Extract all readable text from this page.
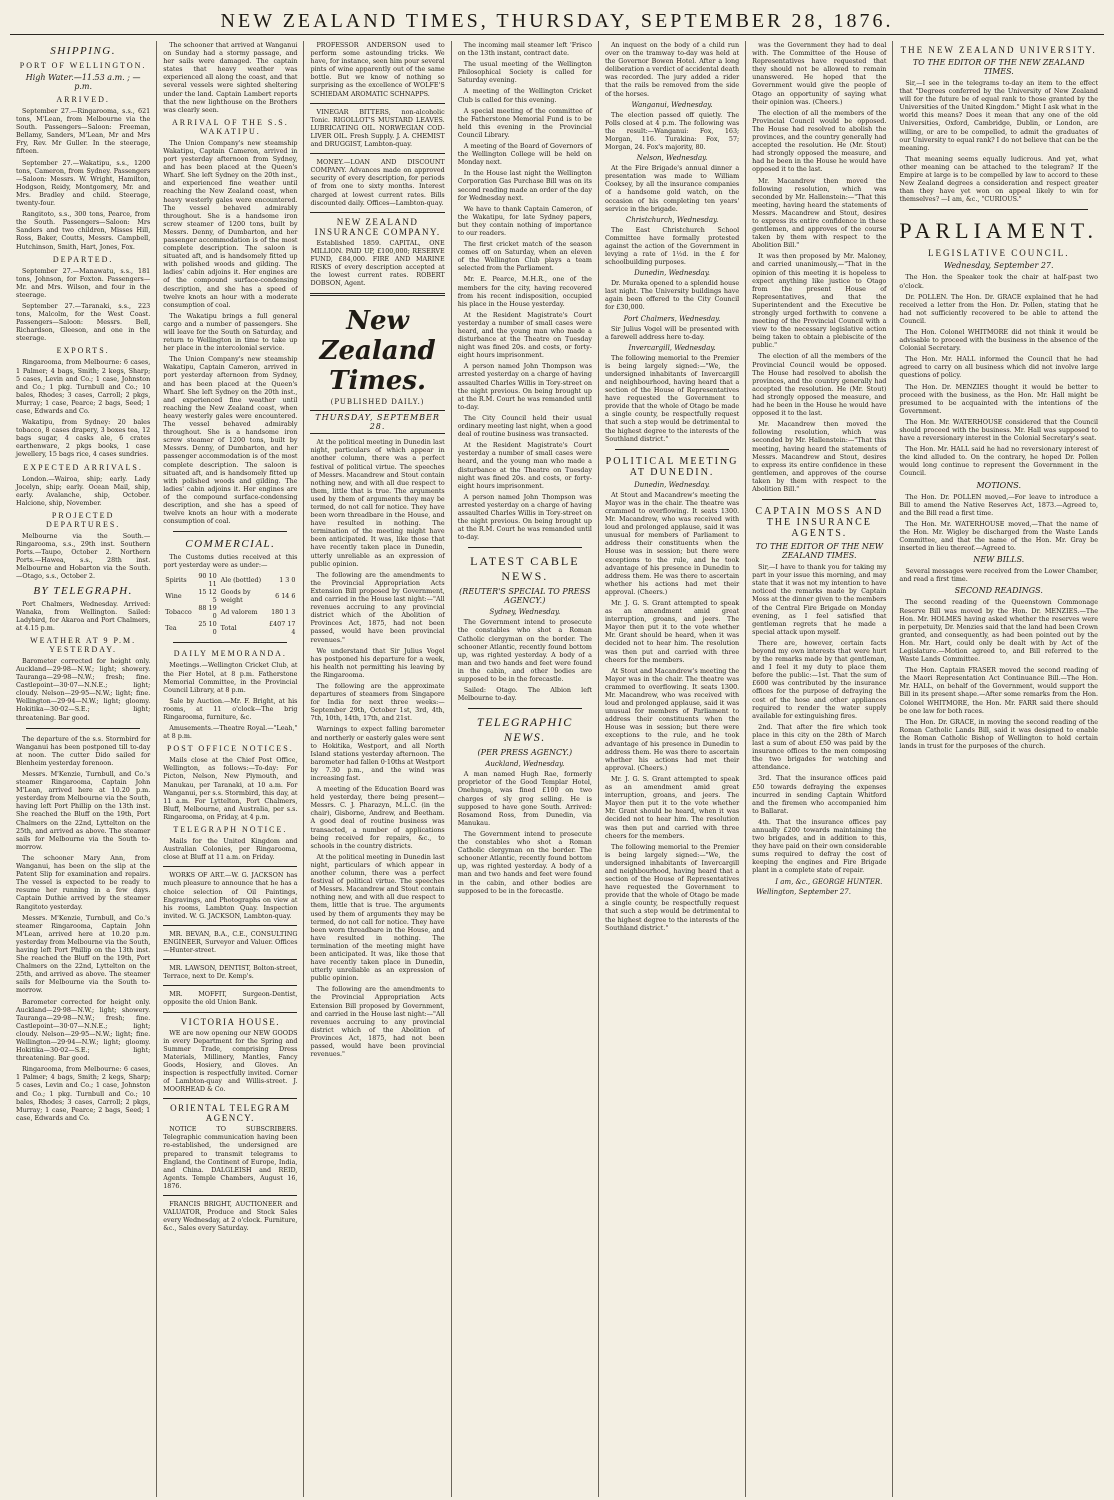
NEW ZEALAND TIMES, THURSDAY, SEPTEMBER 28, 1876.
SHIPPING.
PORT OF WELLINGTON.
High Water.—11.53 a.m. ; — p.m.
ARRIVED.

September 27.—Ringarooma, s.s., 621 tons, M'Lean, from Melbourne via the South. Passengers—Saloon: Freeman, Bellamy, Sanders, M'Lean, Mr and Mrs Fry, Rev. Mr Guller. In the steerage, fifteen.

September 27.—Wakatipu, s.s., 1200 tons, Cameron, from Sydney. Passengers—Saloon: Messrs. W. Wright, Hamilton, Hodgson, Reidy, Montgomery, Mr. and Mrs. Bradley and child. Steerage, twenty-four.

Rangitoto, s.s., 300 tons, Pearce, from the South. Passengers—Saloon: Mrs Sanders and two children, Misses Hill, Ross, Baker, Coutts, Messrs. Campbell, Hutchinson, Smith, Hart, Jones, Fox.

DEPARTED.

September 27.—Manawatu, s.s., 181 tons, Johnson, for Foxton. Passengers—Mr. and Mrs. Wilson, and four in the steerage.

September 27.—Taranaki, s.s., 223 tons, Malcolm, for the West Coast. Passengers—Saloon: Messrs. Bell, Richardson, Gleeson, and one in the steerage.

EXPORTS.

Ringarooma, from Melbourne: 6 cases, 1 Palmer; 4 bags, Smith; 2 kegs, Sharp; 5 cases, Levin and Co.; 1 case, Johnston and Co.; 1 pkg. Turnbull and Co.; 10 bales, Rhodes; 3 cases, Carroll; 2 pkgs, Murray; 1 case, Pearce; 2 bags, Seed; 1 case, Edwards and Co.

Wakatipu, from Sydney: 20 bales tobacco, 8 cases drapery, 3 boxes tea, 12 bags sugar, 4 casks ale, 6 crates earthenware, 2 pkgs books, 1 case jewellery, 15 bags rice, 4 cases sundries.

EXPECTED ARRIVALS.

London.—Wairoa, ship; early. Lady Jocelyn, ship; early. Ocean Mail, ship, early. Avalanche, ship, October. Halcione, ship, November.

PROJECTED DEPARTURES.

Melbourne via the South.—Ringarooma, s.s., 29th inst. Southern Ports.—Taupo, October 2. Northern Ports.—Hawea, s.s., 28th inst. Melbourne and Hobarton via the South.—Otago, s.s., October 2.

BY TELEGRAPH.

Port Chalmers, Wednesday. Arrived: Wanaka, from Wellington. Sailed: Ladybird, for Akaroa and Port Chalmers, at 4.15 p.m.

WEATHER AT 9 P.M. YESTERDAY.

Barometer corrected for height only. Auckland—29·98—N.W.; light; showery. Tauranga—29·98—N.W.; fresh; fine. Castlepoint—30·07—N.N.E.; light; cloudy. Nelson—29·95—N.W.; light; fine. Wellington—29·94—N.W.; light; gloomy. Hokitika—30·02—S.E.; light; threatening. Bar good.

The departure of the s.s. Stormbird for Wanganui has been postponed till to-day at noon. The cutter Dido sailed for Blenheim yesterday forenoon.

Messrs. M'Kenzie, Turnbull, and Co.'s steamer Ringarooma, Captain John M'Lean, arrived here at 10.20 p.m. yesterday from Melbourne via the South, having left Port Phillip on the 13th inst. She reached the Bluff on the 19th, Port Chalmers on the 22nd, Lyttelton on the 25th, and arrived as above. The steamer sails for Melbourne via the South to-morrow.

The schooner Mary Ann, from Wanganui, has been on the slip at the Patent Slip for examination and repairs. The vessel is expected to be ready to resume her running in a few days. Captain Duthie arrived by the steamer Rangitoto yesterday.

Messrs. M'Kenzie, Turnbull, and Co.'s steamer Ringarooma, Captain John M'Lean, arrived here at 10.20 p.m. yesterday from Melbourne via the South, having left Port Phillip on the 13th inst. She reached the Bluff on the 19th, Port Chalmers on the 22nd, Lyttelton on the 25th, and arrived as above. The steamer sails for Melbourne via the South to-morrow.

Barometer corrected for height only. Auckland—29·98—N.W.; light; showery. Tauranga—29·98—N.W.; fresh; fine. Castlepoint—30·07—N.N.E.; light; cloudy. Nelson—29·95—N.W.; light; fine. Wellington—29·94—N.W.; light; gloomy. Hokitika—30·02—S.E.; light; threatening. Bar good.

Ringarooma, from Melbourne: 6 cases, 1 Palmer; 4 bags, Smith; 2 kegs, Sharp; 5 cases, Levin and Co.; 1 case, Johnston and Co.; 1 pkg. Turnbull and Co.; 10 bales, Rhodes; 3 cases, Carroll; 2 pkgs, Murray; 1 case, Pearce; 2 bags, Seed; 1 case, Edwards and Co.

The schooner that arrived at Wanganui on Sunday had a stormy passage, and her sails were damaged. The captain states that heavy weather was experienced all along the coast, and that several vessels were sighted sheltering under the land. Captain Lambert reports that the new lighthouse on the Brothers was clearly seen.

ARRIVAL OF THE S.S. WAKATIPU.

The Union Company's new steamship Wakatipu, Captain Cameron, arrived in port yesterday afternoon from Sydney, and has been placed at the Queen's Wharf. She left Sydney on the 20th inst., and experienced fine weather until reaching the New Zealand coast, when heavy westerly gales were encountered. The vessel behaved admirably throughout. She is a handsome iron screw steamer of 1200 tons, built by Messrs. Denny, of Dumbarton, and her passenger accommodation is of the most complete description. The saloon is situated aft, and is handsomely fitted up with polished woods and gilding. The ladies' cabin adjoins it. Her engines are of the compound surface-condensing description, and she has a speed of twelve knots an hour with a moderate consumption of coal.

The Wakatipu brings a full general cargo and a number of passengers. She will leave for the South on Saturday, and return to Wellington in time to take up her place in the intercolonial service.

The Union Company's new steamship Wakatipu, Captain Cameron, arrived in port yesterday afternoon from Sydney, and has been placed at the Queen's Wharf. She left Sydney on the 20th inst., and experienced fine weather until reaching the New Zealand coast, when heavy westerly gales were encountered. The vessel behaved admirably throughout. She is a handsome iron screw steamer of 1200 tons, built by Messrs. Denny, of Dumbarton, and her passenger accommodation is of the most complete description. The saloon is situated aft, and is handsomely fitted up with polished woods and gilding. The ladies' cabin adjoins it. Her engines are of the compound surface-condensing description, and she has a speed of twelve knots an hour with a moderate consumption of coal.

COMMERCIAL.

The Customs duties received at this port yesterday were as under:—

Spirits	90 10 11	Ale (bottled)	1 3 0
Wine	15 12 5	Goods by weight	6 14 6
Tobacco	88 19 0	Ad valorem	180 1 3
Tea	25 10 0	Total	£407 17 4
DAILY MEMORANDA.

Meetings.—Wellington Cricket Club, at the Pier Hotel, at 8 p.m. Fatherstone Memorial Committee, in the Provincial Council Library, at 8 p.m.

Sale by Auction.—Mr. F. Bright, at his rooms, at 11 o'clock—The brig Ringarooma, furniture, &c.

Amusements.—Theatre Royal.—"Leah," at 8 p.m.

POST OFFICE NOTICES.

Mails close at the Chief Post Office, Wellington, as follows:—To-day: For Picton, Nelson, New Plymouth, and Manukau, per Taranaki, at 10 a.m. For Wanganui, per s.s. Stormbird, this day, at 11 a.m. For Lyttelton, Port Chalmers, Bluff, Melbourne, and Australia, per s.s. Ringarooma, on Friday, at 4 p.m.

TELEGRAPH NOTICE.

Mails for the United Kingdom and Australian Colonies, per Ringarooma, close at Bluff at 11 a.m. on Friday.

WORKS OF ART.—W. G. JACKSON has much pleasure to announce that he has a choice selection of Oil Paintings, Engravings, and Photographs on view at his rooms, Lambton Quay. Inspection invited. W. G. JACKSON, Lambton-quay.

MR. BEVAN, B.A., C.E., CONSULTING ENGINEER, Surveyor and Valuer. Offices—Hunter-street.

MR. LAWSON, DENTIST, Bolton-street, Terrace, next to Dr. Kemp's.

MR. MOFFIT, Surgeon-Dentist, opposite the old Union Bank.

VICTORIA HOUSE.

WE are now opening our NEW GOODS in every Department for the Spring and Summer Trade, comprising Dress Materials, Millinery, Mantles, Fancy Goods, Hosiery, and Gloves. An inspection is respectfully invited. Corner of Lambton-quay and Willis-street. J. MOORHEAD & Co.

ORIENTAL TELEGRAM AGENCY.

NOTICE TO SUBSCRIBERS. Telegraphic communication having been re-established, the undersigned are prepared to transmit telegrams to England, the Continent of Europe, India, and China. DALGLEISH and REID, Agents. Temple Chambers, August 16, 1876.

FRANCIS BRIGHT, AUCTIONEER and VALUATOR, Produce and Stock Sales every Wednesday, at 2 o'clock. Furniture, &c., Sales every Saturday.

PROFESSOR ANDERSON used to perform some astounding tricks. We have, for instance, seen him pour several pints of wine apparently out of the same bottle. But we know of nothing so surprising as the excellence of WOLFE'S SCHIEDAM AROMATIC SCHNAPPS.

VINEGAR BITTERS, non-alcoholic Tonic. RIGOLLOT'S MUSTARD LEAVES. LUBRICATING OIL. NORWEGIAN COD-LIVER OIL. Fresh Supply. J. A. CHEMIST and DRUGGIST, Lambton-quay.

MONEY.—LOAN AND DISCOUNT COMPANY. Advances made on approved security of every description, for periods of from one to sixty months. Interest charged at lowest current rates. Bills discounted daily. Offices—Lambton-quay.

NEW ZEALAND INSURANCE COMPANY.

Established 1859. CAPITAL, ONE MILLION. PAID UP, £100,000; RESERVE FUND, £84,000. FIRE AND MARINE RISKS of every description accepted at the lowest current rates. ROBERT DOBSON, Agent.

New Zealand Times.
(PUBLISHED DAILY.)
THURSDAY, SEPTEMBER 28.

At the political meeting in Dunedin last night, particulars of which appear in another column, there was a perfect festival of political virtue. The speeches of Messrs. Macandrew and Stout contain nothing new, and with all due respect to them, little that is true. The arguments used by them of arguments they may be termed, do not call for notice. They have been worn threadbare in the House, and have resulted in nothing. The termination of the meeting might have been anticipated. It was, like those that have recently taken place in Dunedin, utterly unreliable as an expression of public opinion.

The following are the amendments to the Provincial Appropriation Acts Extension Bill proposed by Government, and carried in the House last night:—"All revenues accruing to any provincial district which of the Abolition of Provinces Act, 1875, had not been passed, would have been provincial revenues."

We understand that Sir Julius Vogel has postponed his departure for a week, his health not permitting his leaving by the Ringarooma.

The following are the approximate departures of steamers from Singapore for India for next three weeks:—September 29th, October 1st, 3rd, 4th, 7th, 10th, 14th, 17th, and 21st.

Warnings to expect falling barometer and northerly or easterly gales were sent to Hokitika, Westport, and all North Island stations yesterday afternoon. The barometer had fallen 0·10ths at Westport by 7.30 p.m., and the wind was increasing fast.

A meeting of the Education Board was held yesterday, there being present—Messrs. C. J. Pharazyn, M.L.C. (in the chair), Gisborne, Andrew, and Beetham. A good deal of routine business was transacted, a number of applications being received for repairs, &c., to schools in the country districts.

At the political meeting in Dunedin last night, particulars of which appear in another column, there was a perfect festival of political virtue. The speeches of Messrs. Macandrew and Stout contain nothing new, and with all due respect to them, little that is true. The arguments used by them of arguments they may be termed, do not call for notice. They have been worn threadbare in the House, and have resulted in nothing. The termination of the meeting might have been anticipated. It was, like those that have recently taken place in Dunedin, utterly unreliable as an expression of public opinion.

The following are the amendments to the Provincial Appropriation Acts Extension Bill proposed by Government, and carried in the House last night:—"All revenues accruing to any provincial district which of the Abolition of Provinces Act, 1875, had not been passed, would have been provincial revenues."

The incoming mail steamer left 'Frisco on the 13th instant, contract date.

The usual meeting of the Wellington Philosophical Society is called for Saturday evening.

A meeting of the Wellington Cricket Club is called for this evening.

A special meeting of the committee of the Fatherstone Memorial Fund is to be held this evening in the Provincial Council Library.

A meeting of the Board of Governors of the Wellington College will be held on Monday next.

In the House last night the Wellington Corporation Gas Purchase Bill was on its second reading made an order of the day for Wednesday next.

We have to thank Captain Cameron, of the Wakatipu, for late Sydney papers, but they contain nothing of importance to our readers.

The first cricket match of the season comes off on Saturday, when an eleven of the Wellington Club plays a team selected from the Parliament.

Mr. E. Pearce, M.H.R., one of the members for the city, having recovered from his recent indisposition, occupied his place in the House yesterday.

At the Resident Magistrate's Court yesterday a number of small cases were heard, and the young man who made a disturbance at the Theatre on Tuesday night was fined 20s. and costs, or forty-eight hours imprisonment.

A person named John Thompson was arrested yesterday on a charge of having assaulted Charles Willis in Tory-street on the night previous. On being brought up at the R.M. Court he was remanded until to-day.

The City Council held their usual ordinary meeting last night, when a good deal of routine business was transacted.

At the Resident Magistrate's Court yesterday a number of small cases were heard, and the young man who made a disturbance at the Theatre on Tuesday night was fined 20s. and costs, or forty-eight hours imprisonment.

A person named John Thompson was arrested yesterday on a charge of having assaulted Charles Willis in Tory-street on the night previous. On being brought up at the R.M. Court he was remanded until to-day.

LATEST CABLE NEWS.
(REUTER'S SPECIAL TO PRESS AGENCY.)
Sydney, Wednesday.

The Government intend to prosecute the constables who shot a Roman Catholic clergyman on the border. The schooner Atlantic, recently found bottom up, was righted yesterday. A body of a man and two hands and feet were found in the cabin, and other bodies are supposed to be in the forecastle.

Sailed: Otago. The Albion left Melbourne to-day.

TELEGRAPHIC NEWS.
(PER PRESS AGENCY.)
Auckland, Wednesday.

A man named Hugh Rae, formerly proprietor of the Good Templar Hotel, Onehunga, was fined £100 on two charges of sly grog selling. He is supposed to have gone South. Arrived: Rosamond Ross, from Dunedin, via Manukau.

The Government intend to prosecute the constables who shot a Roman Catholic clergyman on the border. The schooner Atlantic, recently found bottom up, was righted yesterday. A body of a man and two hands and feet were found in the cabin, and other bodies are supposed to be in the forecastle.

An inquest on the body of a child run over on the tramway to-day was held at the Governor Bowen Hotel. After a long deliberation a verdict of accidental death was recorded. The jury added a rider that the rails be removed from the side of the horses.

Wanganui, Wednesday.

The election passed off quietly. The Polls closed at 4 p.m. The following was the result:—Wanganui: Fox, 163; Morgan, 116. Turakina: Fox, 57; Morgan, 24. Fox's majority, 80.

Nelson, Wednesday.

At the Fire Brigade's annual dinner a presentation was made to William Cooksey, by all the insurance companies of a handsome gold watch, on the occasion of his completing ten years' service in the brigade.

Christchurch, Wednesday.

The East Christchurch School Committee have formally protested against the action of the Government in levying a rate of 1½d. in the £ for schoolbuilding purposes.

Dunedin, Wednesday.

Dr. Muraka opened to a splendid house last night. The University buildings have again been offered to the City Council for £30,000.

Port Chalmers, Wednesday.

Sir Julius Vogel will be presented with a farewell address here to-day.

Invercargill, Wednesday.

The following memorial to the Premier is being largely signed:—"We, the undersigned inhabitants of Invercargill and neighbourhood, having heard that a section of the House of Representatives have requested the Government to provide that the whole of Otago be made a single county, be respectfully request that such a step would be detrimental to the highest degree to the interests of the Southland district."

POLITICAL MEETING AT DUNEDIN.
Dunedin, Wednesday.

At Stout and Macandrew's meeting the Mayor was in the chair. The theatre was crammed to overflowing. It seats 1300. Mr. Macandrew, who was received with loud and prolonged applause, said it was unusual for members of Parliament to address their constituents when the House was in session; but there were exceptions to the rule, and he took advantage of his presence in Dunedin to address them. He was there to ascertain whether his actions had met their approval. (Cheers.)

Mr. J. G. S. Grant attempted to speak as an amendment amid great interruption, groans, and jeers. The Mayor then put it to the vote whether Mr. Grant should be heard, when it was decided not to hear him. The resolution was then put and carried with three cheers for the members.

At Stout and Macandrew's meeting the Mayor was in the chair. The theatre was crammed to overflowing. It seats 1300. Mr. Macandrew, who was received with loud and prolonged applause, said it was unusual for members of Parliament to address their constituents when the House was in session; but there were exceptions to the rule, and he took advantage of his presence in Dunedin to address them. He was there to ascertain whether his actions had met their approval. (Cheers.)

Mr. J. G. S. Grant attempted to speak as an amendment amid great interruption, groans, and jeers. The Mayor then put it to the vote whether Mr. Grant should be heard, when it was decided not to hear him. The resolution was then put and carried with three cheers for the members.

The following memorial to the Premier is being largely signed:—"We, the undersigned inhabitants of Invercargill and neighbourhood, having heard that a section of the House of Representatives have requested the Government to provide that the whole of Otago be made a single county, be respectfully request that such a step would be detrimental to the highest degree to the interests of the Southland district."

was the Government they had to deal with. The Committee of the House of Representatives have requested that they should not be allowed to remain unanswered. He hoped that the Government would give the people of Otago an opportunity of saying what their opinion was. (Cheers.)

The election of all the members of the Provincial Council would be opposed. The House had resolved to abolish the provinces, and the country generally had accepted the resolution. He (Mr. Stout) had strongly opposed the measure, and had he been in the House he would have opposed it to the last.

Mr. Macandrew then moved the following resolution, which was seconded by Mr. Hallenstein:—"That this meeting, having heard the statements of Messrs. Macandrew and Stout, desires to express its entire confidence in these gentlemen, and approves of the course taken by them with respect to the Abolition Bill."

It was then proposed by Mr. Maloney, and carried unanimously,—"That in the opinion of this meeting it is hopeless to expect anything like justice to Otago from the present House of Representatives, and that the Superintendent and the Executive be strongly urged forthwith to convene a meeting of the Provincial Council with a view to the necessary legislative action being taken to obtain a plebiscite of the public."

The election of all the members of the Provincial Council would be opposed. The House had resolved to abolish the provinces, and the country generally had accepted the resolution. He (Mr. Stout) had strongly opposed the measure, and had he been in the House he would have opposed it to the last.

Mr. Macandrew then moved the following resolution, which was seconded by Mr. Hallenstein:—"That this meeting, having heard the statements of Messrs. Macandrew and Stout, desires to express its entire confidence in these gentlemen, and approves of the course taken by them with respect to the Abolition Bill."

CAPTAIN MOSS AND THE INSURANCE AGENTS.
TO THE EDITOR OF THE NEW ZEALAND TIMES.

Sir,—I have to thank you for taking my part in your issue this morning, and may state that it was not my intention to have noticed the remarks made by Captain Moss at the dinner given to the members of the Central Fire Brigade on Monday evening, as I feel satisfied that gentleman regrets that he made a special attack upon myself.

There are, however, certain facts beyond my own interests that were hurt by the remarks made by that gentleman, and I feel it my duty to place them before the public:—1st. That the sum of £600 was contributed by the insurance offices for the purpose of defraying the cost of the hose and other appliances required to render the water supply available for extinguishing fires.

2nd. That after the fire which took place in this city on the 28th of March last a sum of about £50 was paid by the insurance offices to the men composing the two brigades for watching and attendance.

3rd. That the insurance offices paid £50 towards defraying the expenses incurred in sending Captain Whitford and the firemen who accompanied him to Ballarat.

4th. That the insurance offices pay annually £200 towards maintaining the two brigades, and in addition to this, they have paid on their own considerable sums required to defray the cost of keeping the engines and Fire Brigade plant in a complete state of repair.

I am, &c., GEORGE HUNTER.
Wellington, September 27.
THE NEW ZEALAND UNIVERSITY.
TO THE EDITOR OF THE NEW ZEALAND TIMES.

Sir,—I see in the telegrams to-day an item to the effect that "Degrees conferred by the University of New Zealand will for the future be of equal rank to those granted by the Universities of the United Kingdom." Might I ask what in the world this means? Does it mean that any one of the old Universities, Oxford, Cambridge, Dublin, or London, are willing, or are to be compelled, to admit the graduates of our University to equal rank? I do not believe that can be the meaning.

That meaning seems equally ludicrous. And yet, what other meaning can be attached to the telegram? If the Empire at large is to be compelled by law to accord to these New Zealand degrees a consideration and respect greater than they have yet won on appeal likely to win for themselves? —I am, &c., "CURIOUS."

PARLIAMENT.
LEGISLATIVE COUNCIL.
Wednesday, September 27.

The Hon. the Speaker took the chair at half-past two o'clock.

Dr. POLLEN. The Hon. Dr. GRACE explained that he had received a letter from the Hon. Dr. Pollen, stating that he had not sufficiently recovered to be able to attend the Council.

The Hon. Colonel WHITMORE did not think it would be advisable to proceed with the business in the absence of the Colonial Secretary.

The Hon. Mr. HALL informed the Council that he had agreed to carry on all business which did not involve large questions of policy.

The Hon. Dr. MENZIES thought it would be better to proceed with the business, as the Hon. Mr. Hall might be presumed to be acquainted with the intentions of the Government.

The Hon. Mr. WATERHOUSE considered that the Council should proceed with the business. Mr. Hall was supposed to have a reversionary interest in the Colonial Secretary's seat.

The Hon. Mr. HALL said he had no reversionary interest of the kind alluded to. On the contrary, he hoped Dr. Pollen would long continue to represent the Government in the Council.

MOTIONS.

The Hon. Dr. POLLEN moved,—For leave to introduce a Bill to amend the Native Reserves Act, 1873.—Agreed to, and the Bill read a first time.

The Hon. Mr. WATERHOUSE moved,—That the name of the Hon. Mr. Wigley be discharged from the Waste Lands Committee, and that the name of the Hon. Mr. Gray be inserted in lieu thereof.—Agreed to.

NEW BILLS.

Several messages were received from the Lower Chamber, and read a first time.

SECOND READINGS.

The second reading of the Queenstown Commonage Reserve Bill was moved by the Hon. Dr. MENZIES.—The Hon. Mr. HOLMES having asked whether the reserves were in perpetuity, Dr. Menzies said that the land had been Crown granted, and consequently, as had been pointed out by the Hon. Mr. Hart, could only be dealt with by Act of the Legislature.—Motion agreed to, and Bill referred to the Waste Lands Committee.

The Hon. Captain FRASER moved the second reading of the Maori Representation Act Continuance Bill.—The Hon. Mr. HALL, on behalf of the Government, would support the Bill in its present shape.—After some remarks from the Hon. Colonel WHITMORE, the Hon. Mr. FARR said there should be one law for both races.

The Hon. Dr. GRACE, in moving the second reading of the Roman Catholic Lands Bill, said it was designed to enable the Roman Catholic Bishop of Wellington to hold certain lands in trust for the purposes of the church.
